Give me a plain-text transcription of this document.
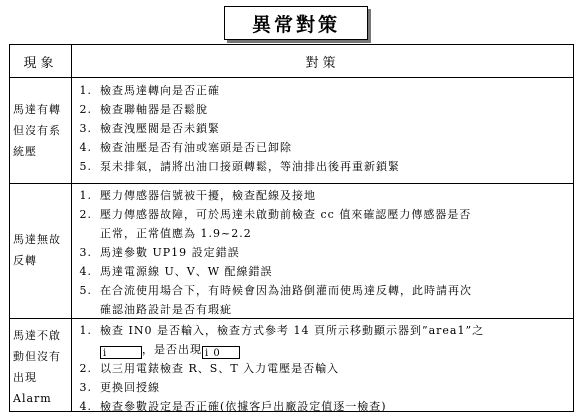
異常對策
現象	對策
馬達有轉
但沒有系
統壓
1. 檢查馬達轉向是否正確
2. 檢查聯軸器是否鬆脫
3. 檢查洩壓閥是否未鎖緊
4. 檢查油壓是否有油或塞頭是否已卸除
5. 泵未排氣，請將出油口接頭轉鬆，等油排出後再重新鎖緊
馬達無故
反轉
1. 壓力傳感器信號被干擾，檢查配線及接地
2. 壓力傳感器故障，可於馬達未啟動前檢查 cc 值來確認壓力傳感器是否
正常，正常值應為 1.9~2.2
3. 馬達參數 UP19 設定錯誤
4. 馬達電源線 U、V、W 配線錯誤
5. 在合流使用場合下，有時候會因為油路倒灌而使馬達反轉，此時請再次
確認油路設計是否有瑕疵
馬達不啟
動但沒有
出現
Alarm
1. 檢查 IN0 是否輸入，檢查方式參考 14 頁所示移動顯示器到”area1”之
i	，是否出現 i 0
2. 以三用電錶檢查 R、S、T 入力電壓是否輸入
3. 更換回授線
4. 檢查參數設定是否正確(依據客戶出廠設定值逐一檢查)
